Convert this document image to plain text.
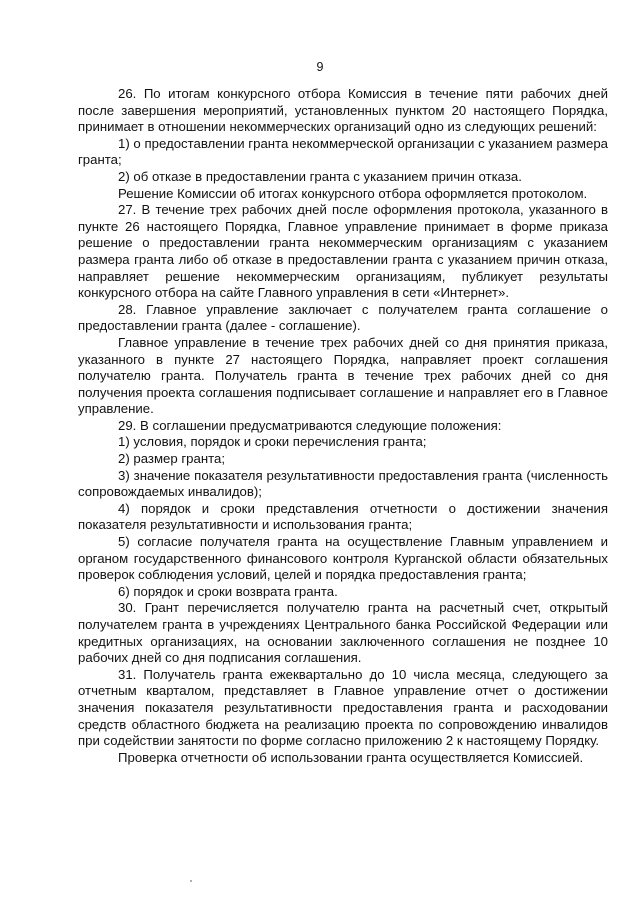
9

26. По итогам конкурсного отбора Комиссия в течение пяти рабочих дней после завершения мероприятий, установленных пунктом 20 настоящего Порядка, принимает в отношении некоммерческих организаций одно из следующих решений:

1) о предоставлении гранта некоммерческой организации с указанием размера гранта;

2) об отказе в предоставлении гранта с указанием причин отказа.

Решение Комиссии об итогах конкурсного отбора оформляется протоколом.

27. В течение трех рабочих дней после оформления протокола, указанного в пункте 26 настоящего Порядка, Главное управление принимает в форме приказа решение о предоставлении гранта некоммерческим организациям с указанием размера гранта либо об отказе в предоставлении гранта с указанием причин отказа, направляет решение некоммерческим организациям, публикует результаты конкурсного отбора на сайте Главного управления в сети «Интернет».

28. Главное управление заключает с получателем гранта соглашение о предоставлении гранта (далее - соглашение).

Главное управление в течение трех рабочих дней со дня принятия приказа, указанного в пункте 27 настоящего Порядка, направляет проект соглашения получателю гранта. Получатель гранта в течение трех рабочих дней со дня получения проекта соглашения подписывает соглашение и направляет его в Главное управление.

29. В соглашении предусматриваются следующие положения:

1) условия, порядок и сроки перечисления гранта;

2) размер гранта;

3) значение показателя результативности предоставления гранта (численность сопровождаемых инвалидов);

4) порядок и сроки представления отчетности о достижении значения показателя результативности и использования гранта;

5) согласие получателя гранта на осуществление Главным управлением и органом государственного финансового контроля Курганской области обязательных проверок соблюдения условий, целей и порядка предоставления гранта;

6) порядок и сроки возврата гранта.

30. Грант перечисляется получателю гранта на расчетный счет, открытый получателем гранта в учреждениях Центрального банка Российской Федерации или кредитных организациях, на основании заключенного соглашения не позднее 10 рабочих дней со дня подписания соглашения.

31. Получатель гранта ежеквартально до 10 числа месяца, следующего за отчетным кварталом, представляет в Главное управление отчет о достижении значения показателя результативности предоставления гранта и расходовании средств областного бюджета на реализацию проекта по сопровождению инвалидов при содействии занятости по форме согласно приложению 2 к настоящему Порядку.

Проверка отчетности об использовании гранта осуществляется Комиссией.
